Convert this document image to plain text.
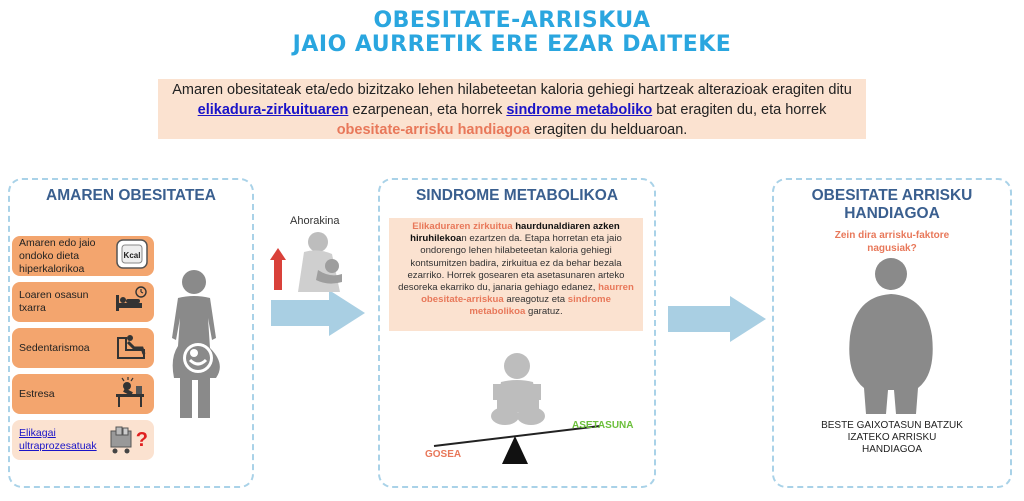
OBESITATE-ARRISKUA
JAIO AURRETIK ERE EZAR DAITEKE
Amaren obesitateak eta/edo bizitzako lehen hilabeteetan kaloria gehiegi hartzeak alterazioak eragiten ditu elikadura-zirkuituaren ezarpenean, eta horrek sindrome metaboliko bat eragiten du, eta horrek obesitate-arrisku handiagoa eragiten du helduaroan.
AMAREN OBESITATEA
Amaren edo jaio ondoko dieta hiperkalorikoa
Kcal
Loaren osasun txarra
Sedentarismoa
Estresa
Elikagai ultraprozesatuak ?
Ahorakina
SINDROME METABOLIKOA
Elikaduraren zirkuitua haurdunaldiaren azken hiruhilekoan ezartzen da. Etapa horretan eta jaio ondorengo lehen hilabeteetan kaloria gehiegi kontsumitzen badira, zirkuitua ez da behar bezala ezarriko. Horrek gosearen eta asetasunaren arteko desoreka ekarriko du, janaria gehiago edanez, haurren obesitate-arriskua areagotuz eta sindrome metabolikoa garatuz.
GOSEA
ASETASUNA
OBESITATE ARRISKU
HANDIAGOA
Zein dira arrisku-faktore
nagusiak?
BESTE GAIXOTASUN BATZUK
IZATEKO ARRISKU
HANDIAGOA
